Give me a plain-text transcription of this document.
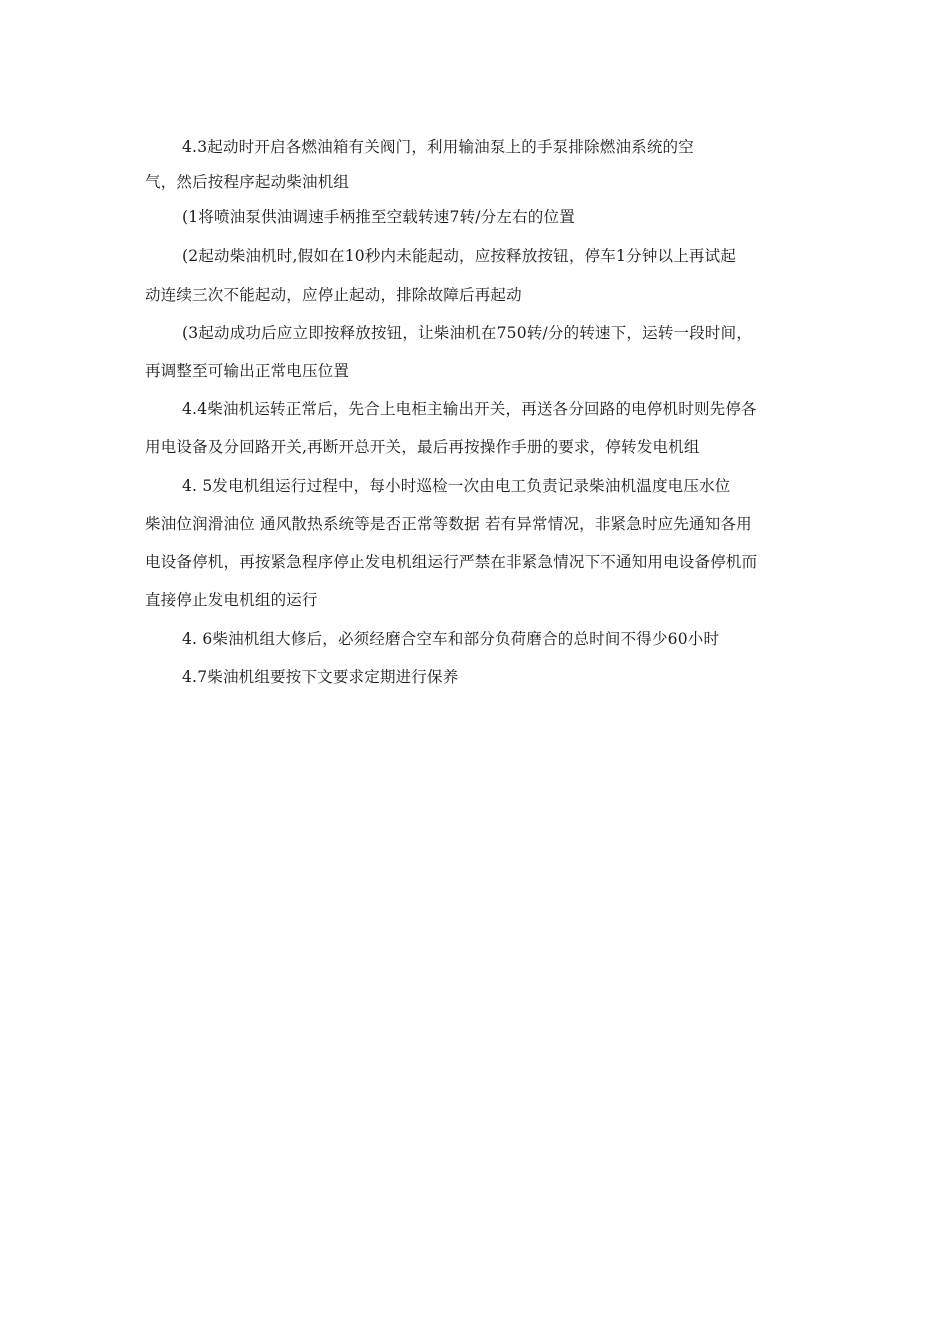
4.3起动时开启各燃油箱有关阀门，利用输油泵上的手泵排除燃油系统的空
气，然后按程序起动柴油机组
(1将喷油泵供油调速手柄推至空载转速7转/分左右的位置
(2起动柴油机时,假如在10秒内未能起动，应按释放按钮，停车1分钟以上再试起
动连续三次不能起动，应停止起动，排除故障后再起动
(3起动成功后应立即按释放按钮，让柴油机在750转/分的转速下，运转一段时间，
再调整至可输出正常电压位置
4.4柴油机运转正常后，先合上电柜主输出开关，再送各分回路的电停机时则先停各
用电设备及分回路开关,再断开总开关，最后再按操作手册的要求，停转发电机组
4. 5发电机组运行过程中，每小时巡检一次由电工负责记录柴油机温度电压水位
柴油位润滑油位 通风散热系统等是否正常等数据 若有异常情况，非紧急时应先通知各用
电设备停机，再按紧急程序停止发电机组运行严禁在非紧急情况下不通知用电设备停机而
直接停止发电机组的运行
4. 6柴油机组大修后，必须经磨合空车和部分负荷磨合的总时间不得少60小时
4.7柴油机组要按下文要求定期进行保养
